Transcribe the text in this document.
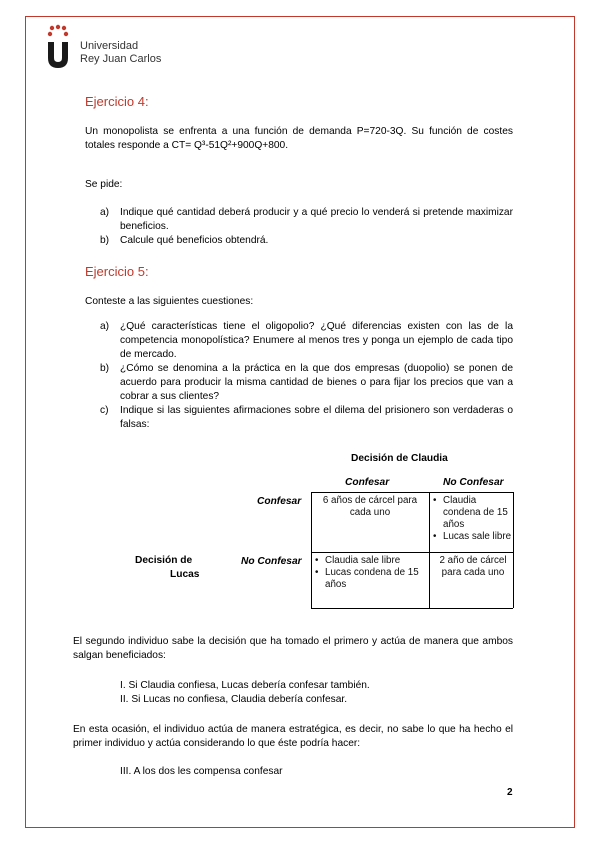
Universidad
Rey Juan Carlos
Ejercicio 4:

Un monopolista se enfrenta a una función de demanda P=720-3Q. Su función de costes totales responde a CT= Q³-51Q²+900Q+800.

Se pide:

a) Indique qué cantidad deberá producir y a qué precio lo venderá si pretende maximizar beneficios.
b) Calcule qué beneficios obtendrá.
Ejercicio 5:

Conteste a las siguientes cuestiones:

a) ¿Qué características tiene el oligopolio? ¿Qué diferencias existen con las de la competencia monopolística? Enumere al menos tres y ponga un ejemplo de cada tipo de mercado.
b) ¿Cómo se denomina a la práctica en la que dos empresas (duopolio) se ponen de acuerdo para producir la misma cantidad de bienes o para fijar los precios que van a cobrar a sus clientes?
c) Indique si las siguientes afirmaciones sobre el dilema del prisionero son verdaderas o falsas:
Decisión de Claudia
Confesar	No Confesar
Confesar
No Confesar
Decisión de
Lucas
6 años de cárcel para cada uno
• Claudia condena de 15 años
• Lucas sale libre
• Claudia sale libre
• Lucas condena de 15 años
2 año de cárcel para cada uno

El segundo individuo sabe la decisión que ha tomado el primero y actúa de manera que ambos salgan beneficiados:

I. Si Claudia confiesa, Lucas debería confesar también.
II. Si Lucas no confiesa, Claudia debería confesar.

En esta ocasión, el individuo actúa de manera estratégica, es decir, no sabe lo que ha hecho el primer individuo y actúa considerando lo que éste podría hacer:

III. A los dos les compensa confesar
2
